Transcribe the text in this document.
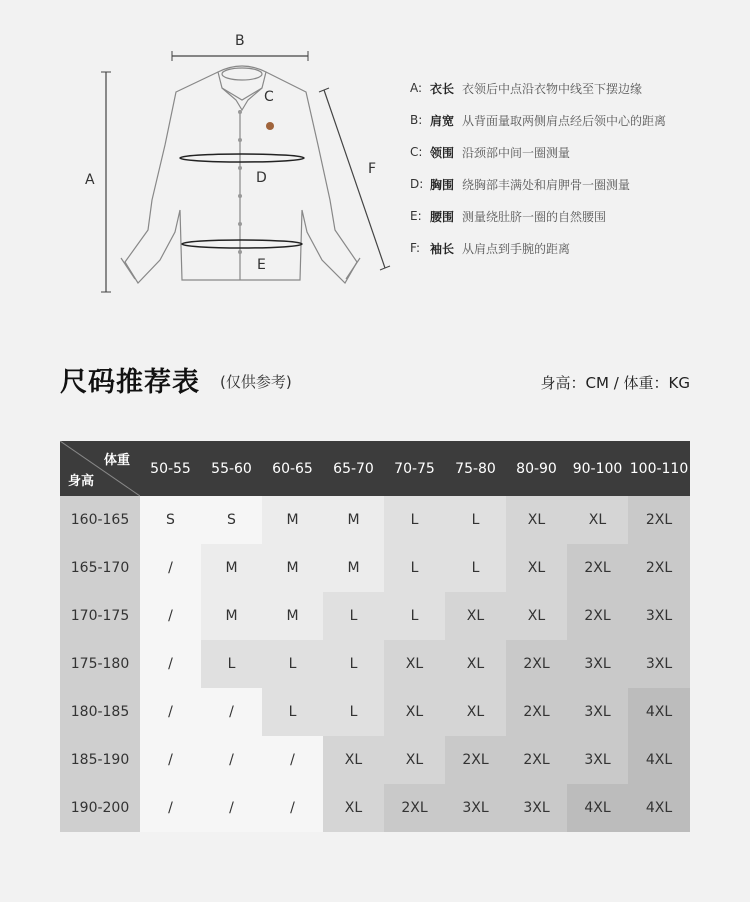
A
B
C
D
E
F
A: 衣长 衣领后中点沿衣物中线至下摆边缘
B: 肩宽 从背面量取两侧肩点经后领中心的距离
C: 领围 沿颈部中间一圈测量
D: 胸围 绕胸部丰满处和肩胛骨一圈测量
E: 腰围 测量绕肚脐一圈的自然腰围
F: 袖长 从肩点到手腕的距离
尺码推荐表 (仅供参考)	身高：CM / 体重：KG
体重
身高	50-55	55-60	60-65	65-70	70-75	75-80	80-90	90-100	100-110
160-165	S	S	M	M	L	L	XL	XL	2XL
165-170	/	M	M	M	L	L	XL	2XL	2XL
170-175	/	M	M	L	L	XL	XL	2XL	3XL
175-180	/	L	L	L	XL	XL	2XL	3XL	3XL
180-185	/	/	L	L	XL	XL	2XL	3XL	4XL
185-190	/	/	/	XL	XL	2XL	2XL	3XL	4XL
190-200	/	/	/	XL	2XL	3XL	3XL	4XL	4XL
